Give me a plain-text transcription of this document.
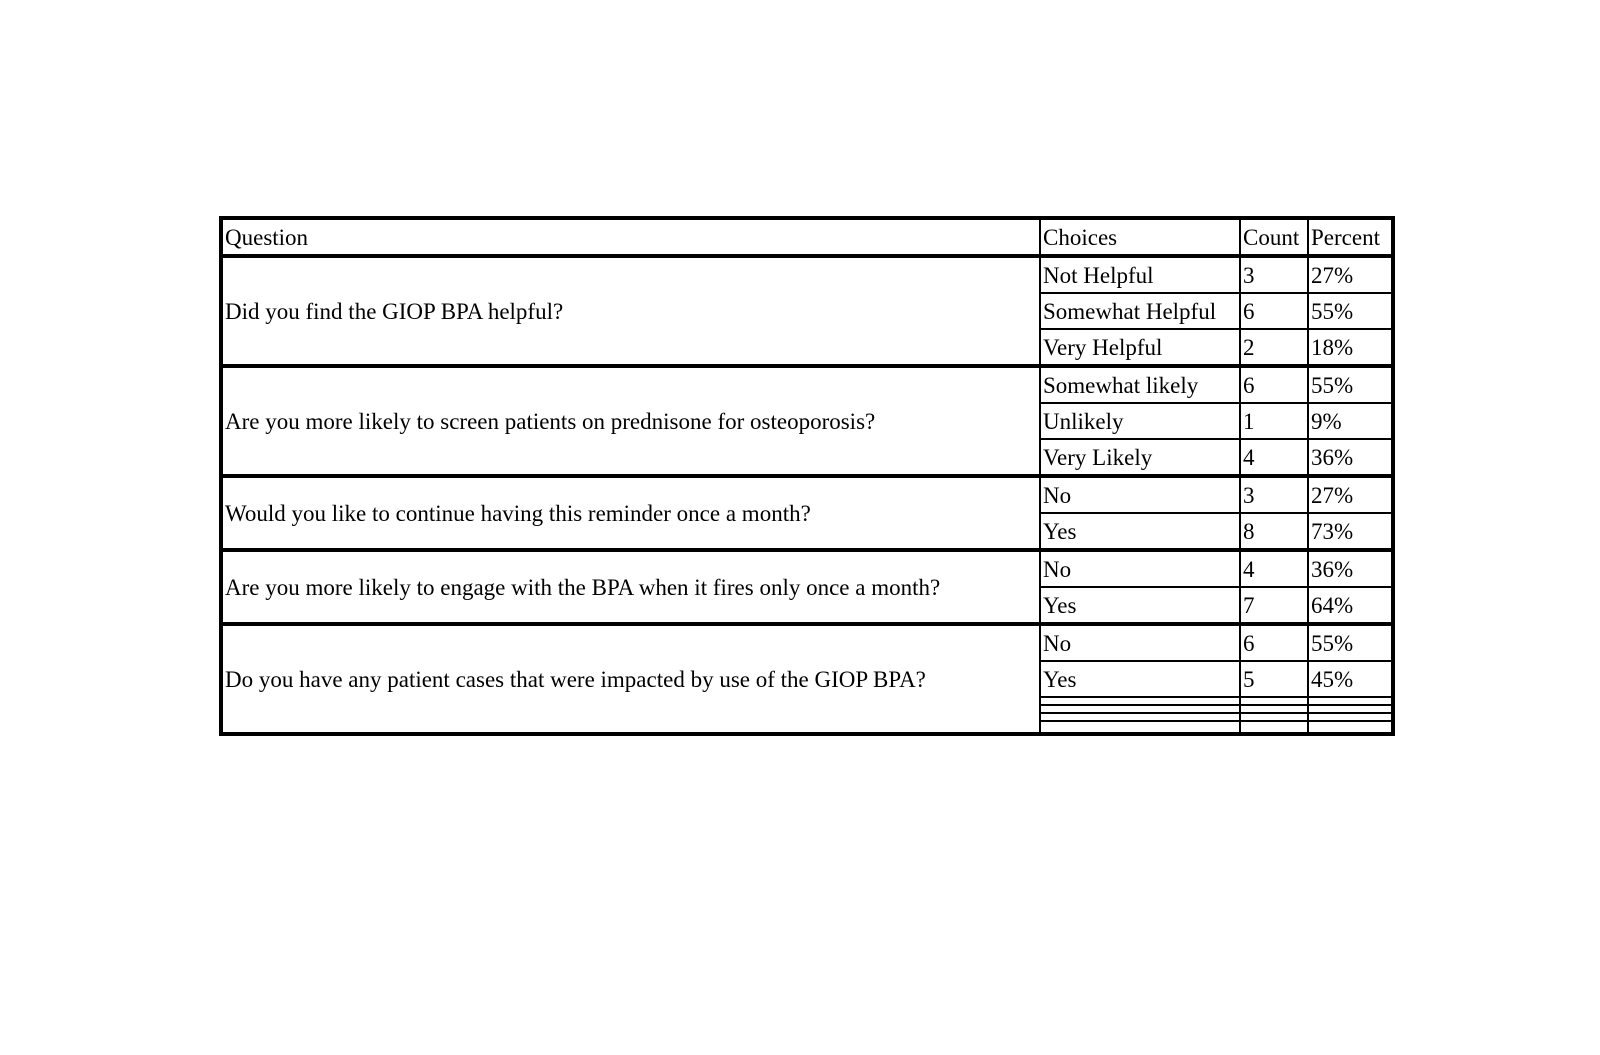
Question	Choices	Count	Percent
Did you find the GIOP BPA helpful?	Not Helpful	3	27%
	Somewhat Helpful	6	55%
	Very Helpful	2	18%
Are you more likely to screen patients on prednisone for osteoporosis?	Somewhat likely	6	55%
	Unlikely	1	9%
	Very Likely	4	36%
Would you like to continue having this reminder once a month?	No	3	27%
	Yes	8	73%
Are you more likely to engage with the BPA when it fires only once a month?	No	4	36%
	Yes	7	64%
Do you have any patient cases that were impacted by use of the GIOP BPA?	No	6	55%
	Yes	5	45%
